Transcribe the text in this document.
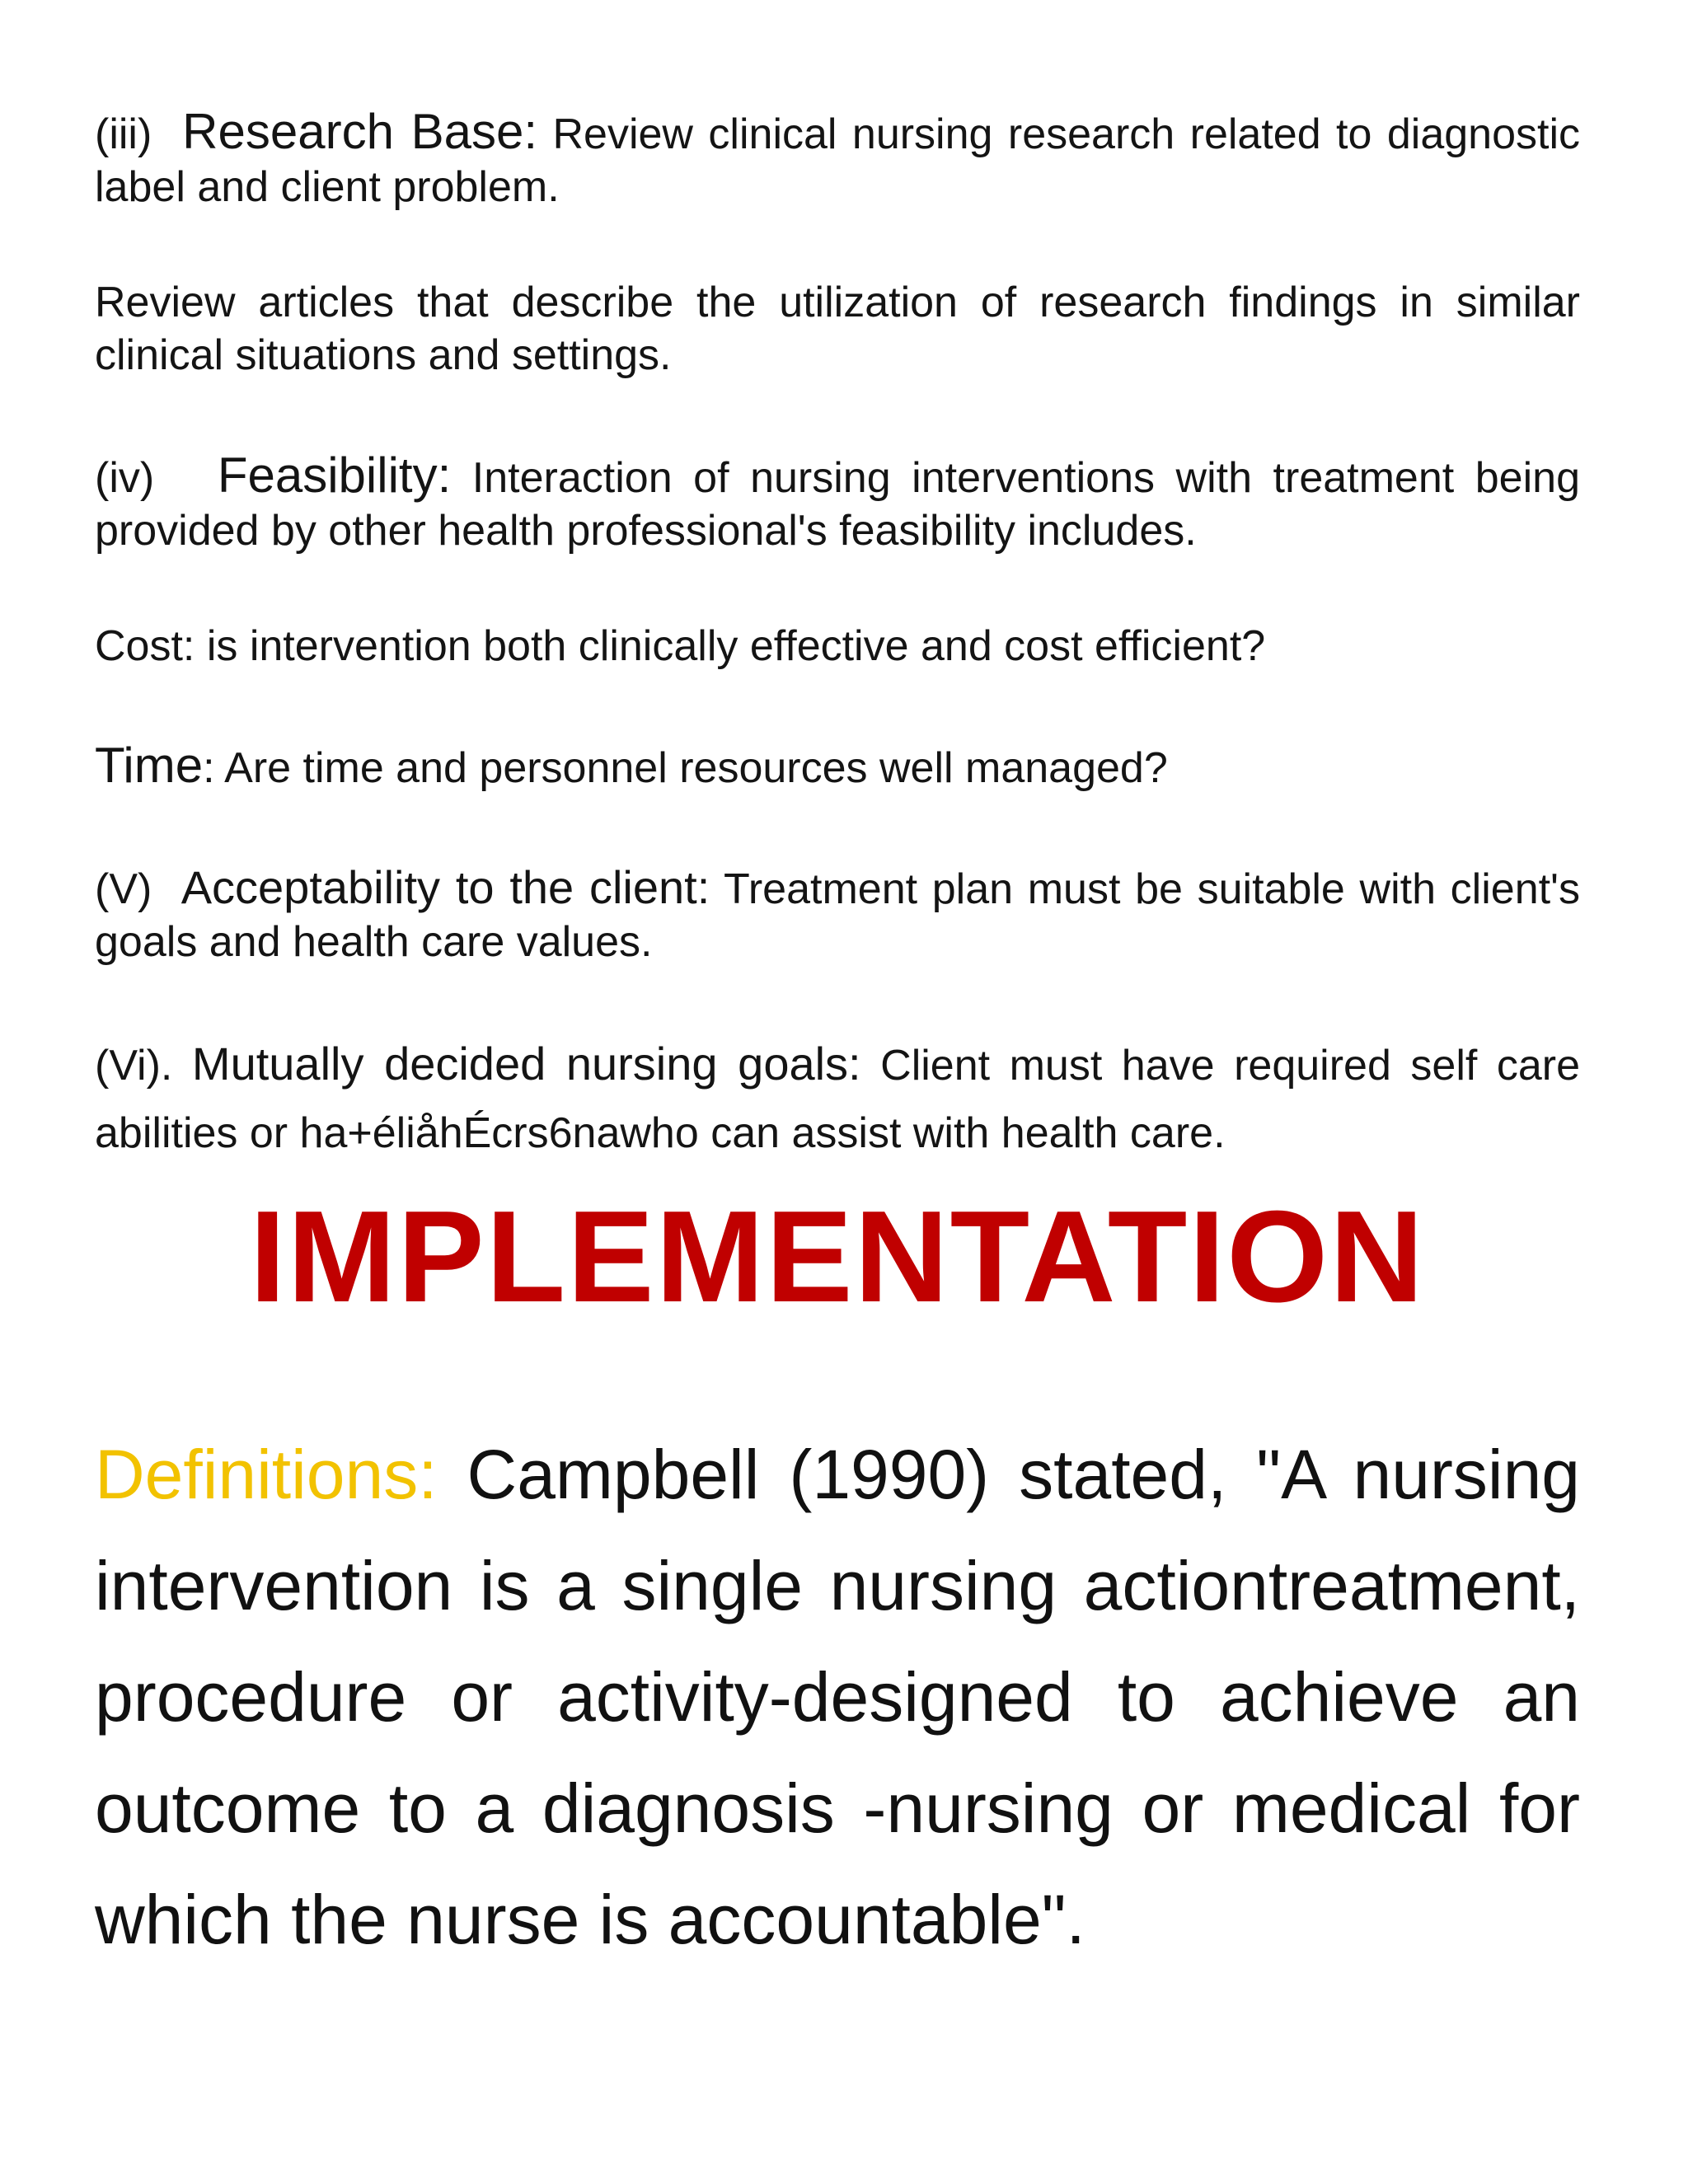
(iii) Research Base: Review clinical nursing research related to diagnostic label and client problem.

Review articles that describe the utilization of research findings in similar clinical situations and settings.

(iv) Feasibility: Interaction of nursing interventions with treatment being provided by other health professional's feasibility includes.

Cost: is intervention both clinically effective and cost efficient?

Time: Are time and personnel resources well managed?

(V) Acceptability to the client: Treatment plan must be suitable with client's goals and health care values.

(Vi). Mutually decided nursing goals: Client must have required self care abilities or ha+éliåhÉcrs6nawho can assist with health care.

IMPLEMENTATION

Definitions: Campbell (1990) stated, "A nursing intervention is a single nursing actiontreatment, procedure or activity-designed to achieve an outcome to a diagnosis -nursing or medical for which the nurse is accountable".
